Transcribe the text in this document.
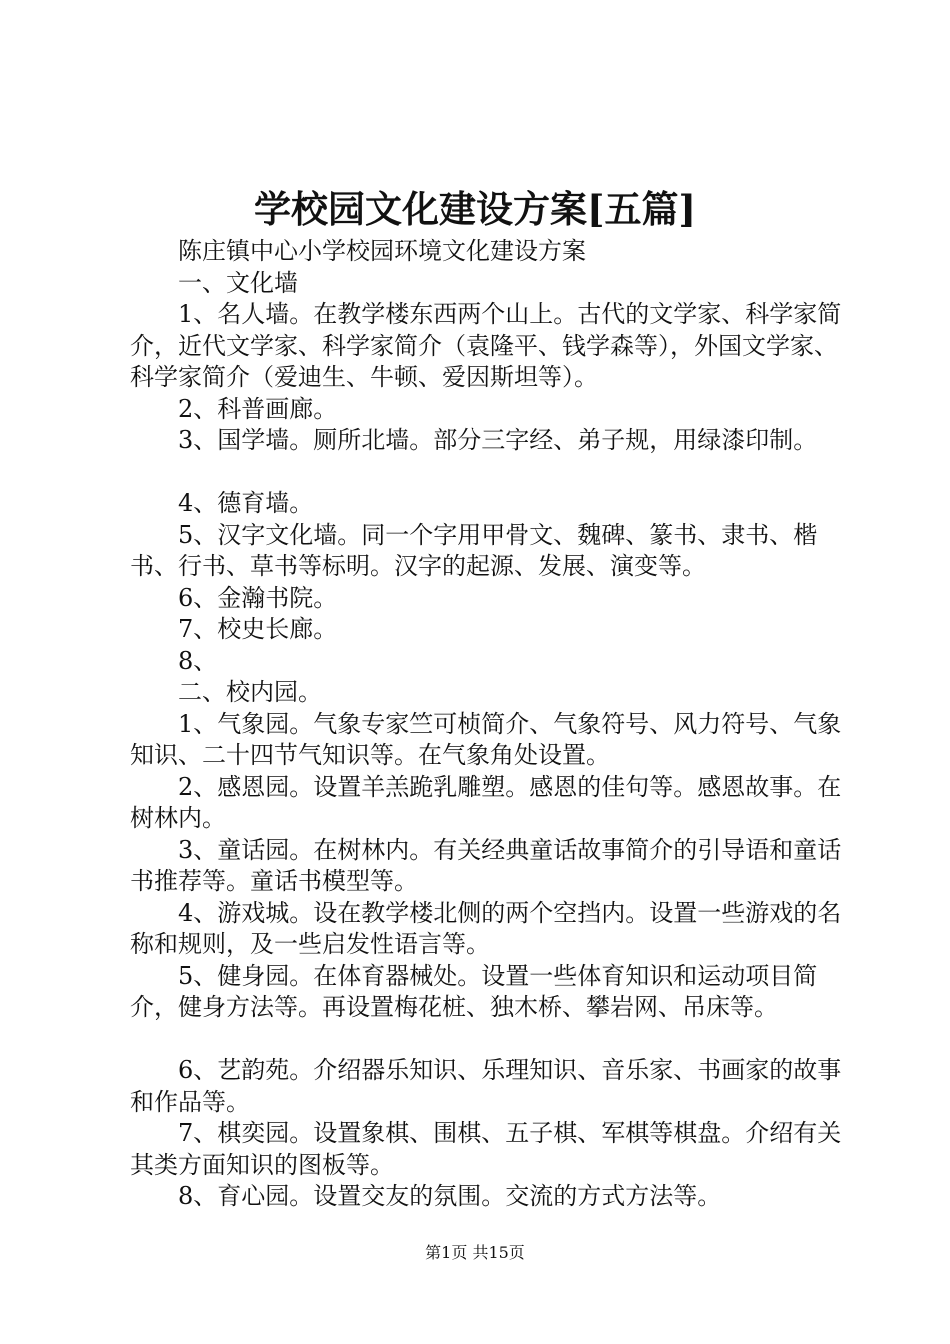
学校园文化建设方案[五篇]

陈庄镇中心小学校园环境文化建设方案

一、文化墙

1、名人墙。在教学楼东西两个山上。古代的文学家、科学家简介，近代文学家、科学家简介（袁隆平、钱学森等），外国文学家、科学家简介（爱迪生、牛顿、爱因斯坦等）。

2、科普画廊。

3、国学墙。厕所北墙。部分三字经、弟子规，用绿漆印制。

4、德育墙。

5、汉字文化墙。同一个字用甲骨文、魏碑、篆书、隶书、楷书、行书、草书等标明。汉字的起源、发展、演变等。

6、金瀚书院。

7、校史长廊。

8、

二、校内园。

1、气象园。气象专家竺可桢简介、气象符号、风力符号、气象知识、二十四节气知识等。在气象角处设置。

2、感恩园。设置羊羔跪乳雕塑。感恩的佳句等。感恩故事。在树林内。

3、童话园。在树林内。有关经典童话故事简介的引导语和童话书推荐等。童话书模型等。

4、游戏城。设在教学楼北侧的两个空挡内。设置一些游戏的名称和规则，及一些启发性语言等。

5、健身园。在体育器械处。设置一些体育知识和运动项目简介，健身方法等。再设置梅花桩、独木桥、攀岩网、吊床等。

6、艺韵苑。介绍器乐知识、乐理知识、音乐家、书画家的故事和作品等。

7、棋奕园。设置象棋、围棋、五子棋、军棋等棋盘。介绍有关其类方面知识的图板等。

8、育心园。设置交友的氛围。交流的方式方法等。

第1页 共15页
